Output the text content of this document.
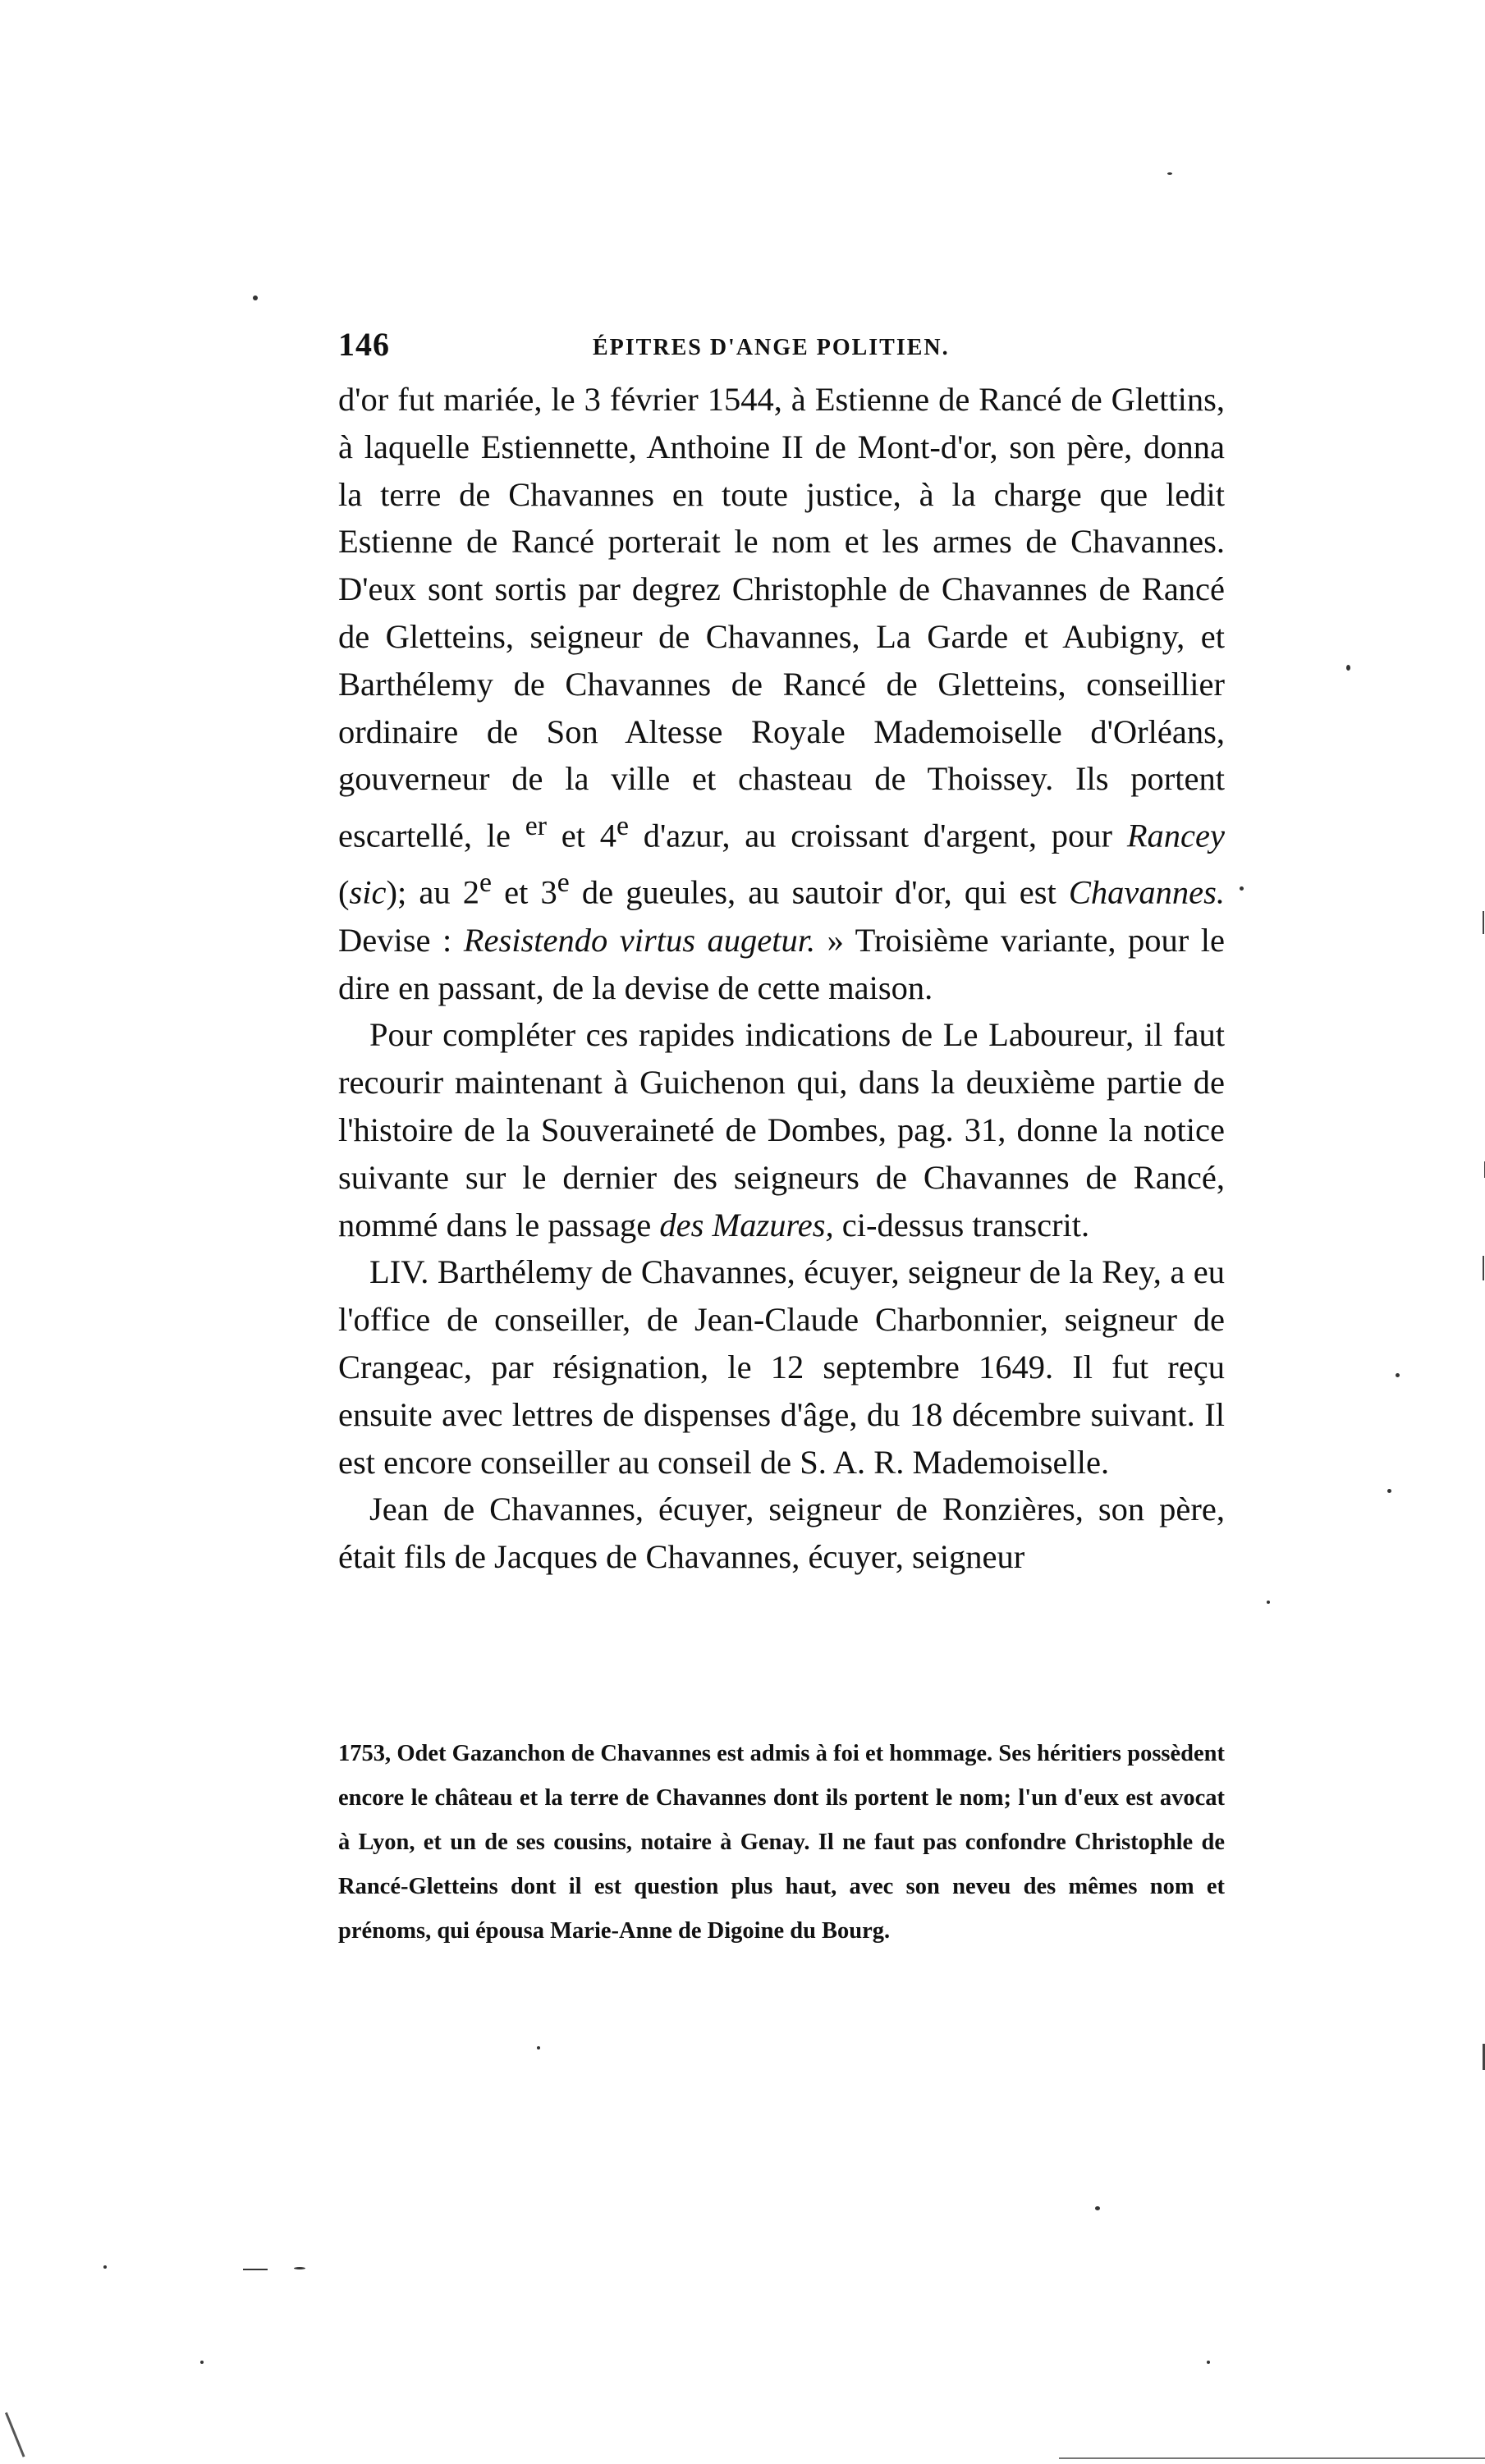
146	ÉPITRES D'ANGE POLITIEN.

d'or fut mariée, le 3 février 1544, à Estienne de Rancé de Glettins, à laquelle Estiennette, Anthoine II de Mont-d'or, son père, donna la terre de Chavannes en toute justice, à la charge que ledit Estienne de Rancé porterait le nom et les armes de Chavannes. D'eux sont sortis par degrez Christophle de Chavannes de Rancé de Gletteins, seigneur de Chavannes, La Garde et Aubigny, et Barthélemy de Chavannes de Rancé de Gletteins, conseillier ordinaire de Son Altesse Royale Mademoiselle d'Orléans, gouverneur de la ville et chasteau de Thoissey. Ils portent escartellé, le $^{er}$ et 4e d'azur, au croissant d'argent, pour Rancey (sic); au 2e et 3e de gueules, au sautoir d'or, qui est Chavannes. Devise : Resistendo virtus augetur. » Troisième variante, pour le dire en passant, de la devise de cette maison.

Pour compléter ces rapides indications de Le Laboureur, il faut recourir maintenant à Guichenon qui, dans la deuxième partie de l'histoire de la Souveraineté de Dombes, pag. 31, donne la notice suivante sur le dernier des seigneurs de Chavannes de Rancé, nommé dans le passage des Mazures, ci-dessus transcrit.

LIV. Barthélemy de Chavannes, écuyer, seigneur de la Rey, a eu l'office de conseiller, de Jean-Claude Charbonnier, seigneur de Crangeac, par résignation, le 12 septembre 1649. Il fut reçu ensuite avec lettres de dispenses d'âge, du 18 décembre suivant. Il est encore conseiller au conseil de S. A. R. Mademoiselle.

Jean de Chavannes, écuyer, seigneur de Ronzières, son père, était fils de Jacques de Chavannes, écuyer, seigneur

1753, Odet Gazanchon de Chavannes est admis à foi et hommage. Ses héritiers possèdent encore le château et la terre de Chavannes dont ils portent le nom; l'un d'eux est avocat à Lyon, et un de ses cousins, notaire à Genay. Il ne faut pas confondre Christophle de Rancé-Gletteins dont il est question plus haut, avec son neveu des mêmes nom et prénoms, qui épousa Marie-Anne de Digoine du Bourg.
